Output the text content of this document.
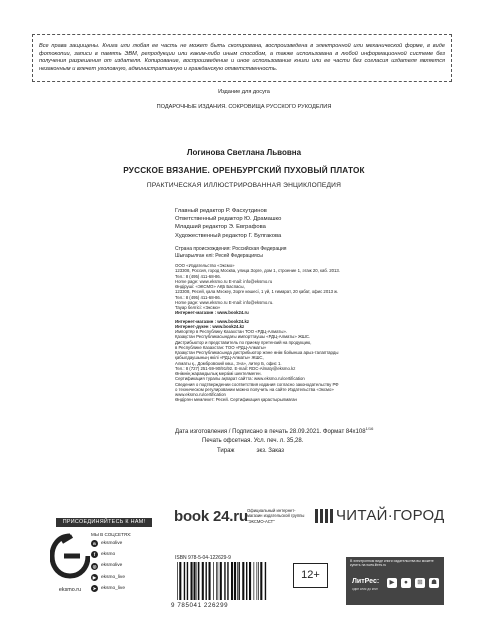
Все права защищены. Книга или любая ее часть не может быть скопирована, воспроизведена в электронной или механической форме, в виде фотокопии, записи в память ЭВМ, репродукции или каким-либо иным способом, а также использована в любой информационной системе без получения разрешения от издателя. Копирование, воспроизведение и иное использование книги или ее части без согласия издателя является незаконным и влечет уголовную, административную и гражданскую ответственность.

Издание для досуга
ПОДАРОЧНЫЕ ИЗДАНИЯ. СОКРОВИЩА РУССКОГО РУКОДЕЛИЯ
Логинова Светлана Львовна
РУССКОЕ ВЯЗАНИЕ. ОРЕНБУРГСКИЙ ПУХОВЫЙ ПЛАТОК
ПРАКТИЧЕСКАЯ ИЛЛЮСТРИРОВАННАЯ ЭНЦИКЛОПЕДИЯ
Главный редактор Р. Фасхутдинов
Ответственный редактор Ю. Драмашко
Младший редактор Э. Евграфова
Художественный редактор Г. Булгакова
Страна происхождения: Российская Федерация
Шығарылған елі: Ресей Федерациясы
ООО «Издательство «Эксмо»
123308, Россия, город Москва, улица Зорге, дом 1, строение 1, этаж 20, каб. 2013.
Тел.: 8 (495) 411-68-86.
Home page: www.eksmo.ru E-mail: info@eksmo.ru
Өндіруші: «ЭКСМО» АҚБ Баспасы,
123308, Ресей, қала Мәскеу, Зорге көшесі, 1 үй, 1 ғимарат, 20 қабат, офис 2013 ж.
Тел.: 8 (495) 411-68-86.
Home page: www.eksmo.ru E-mail: info@eksmo.ru.
Тауар белгісі: «Эксмо»
Интернет-магазин : www.book24.ru
Интернет-магазин : www.book24.kz
Интернет-дүкен : www.book24.kz
Импортёр в Республику Казахстан ТОО «РДЦ-Алматы».
Қазақстан Республикасындағы импорттаушы «РДЦ-Алматы» ЖШС.
Дистрибьютор и представитель по приему претензий на продукцию,
в Республике Казахстан: ТОО «РДЦ-Алматы»
Қазақстан Республикасында дистрибьютор және өнім бойынша арыз-талаптарды
қабылдаушының өкілі «РДЦ-Алматы» ЖШС,
Алматы қ., Домбровский көш., 3«а», литер Б, офис 1.
Тел.: 8 (727) 251-59-90/91/92. E-mail: RDC-Almaty@eksmo.kz
Өнімнің жарамдылық мерзімі шектелмеген.
Сертификация туралы ақпарат сайтта: www.eksmo.ru/certification
Сведения о подтверждении соответствия издания согласно законодательству РФ
о техническом регулировании можно получить на сайте Издательства «Эксмо»
www.eksmo.ru/certification
Өндірген мемлекет: Ресей. Сертификация қарастырылмаған
Дата изготовления / Подписано в печать 28.09.2021. Формат $84х108^{1/16}$
Печать офсетная. Усл. печ. л. 35,28.
Тираж	экз. Заказ
ПРИСОЕДИНЯЙТЕСЬ К НАМ!
eksmo.ru
МЫ В СОЦСЕТЯХ:
в	eksmolive
f	eksmo
◎ eksmolive
▶	eksmo_live
➤ eksmo_live
book 24.ru Официальный интернет-магазин издательской группы "ЭКСМО-АСТ"	ЧИТАЙ·ГОРОД
ISBN 978-5-04-122629-9
9 785041 226299
12+
В электронном виде книги издательства вы можете купить на www.litres.ru
ЛитРес:
один клик до книг
▶	●	⊞	☗
